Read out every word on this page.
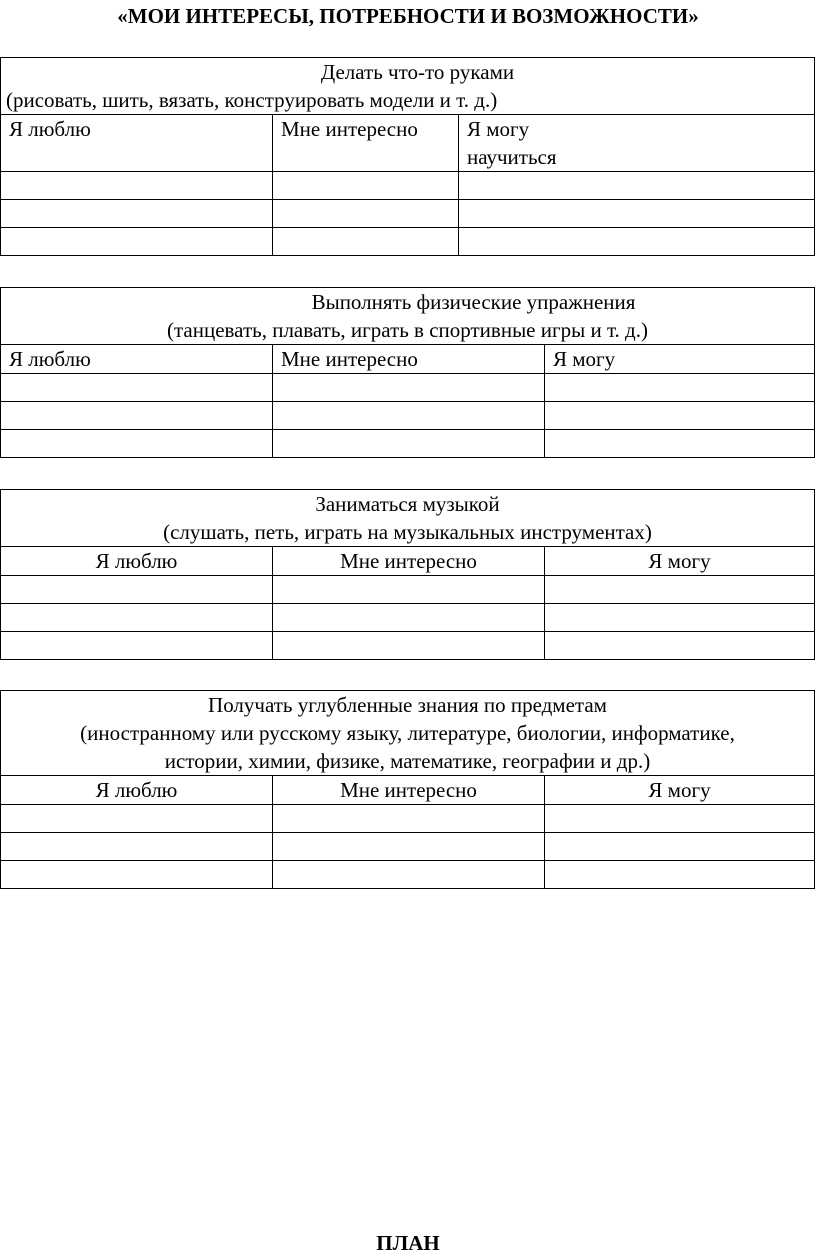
«МОИ ИНТЕРЕСЫ, ПОТРЕБНОСТИ И ВОЗМОЖНОСТИ»
Делать что-то руками
(рисовать, шить, вязать, конструировать модели и т. д.)		

Я люблю	Мне интересно	Я могу
научиться

Выполнять физические упражнения
(танцевать, плавать, играть в спортивные игры и т. д.)		

Я люблю	Мне интересно	Я могу

Заниматься музыкой
(слушать, петь, играть на музыкальных инструментах)		

Я люблю	Мне интересно	Я могу

Получать углубленные знания по предметам
(иностранному или русскому языку, литературе, биологии, информатике,
истории, химии, физике, математике, географии и др.)		

Я люблю	Мне интересно	Я могу

ПЛАН
